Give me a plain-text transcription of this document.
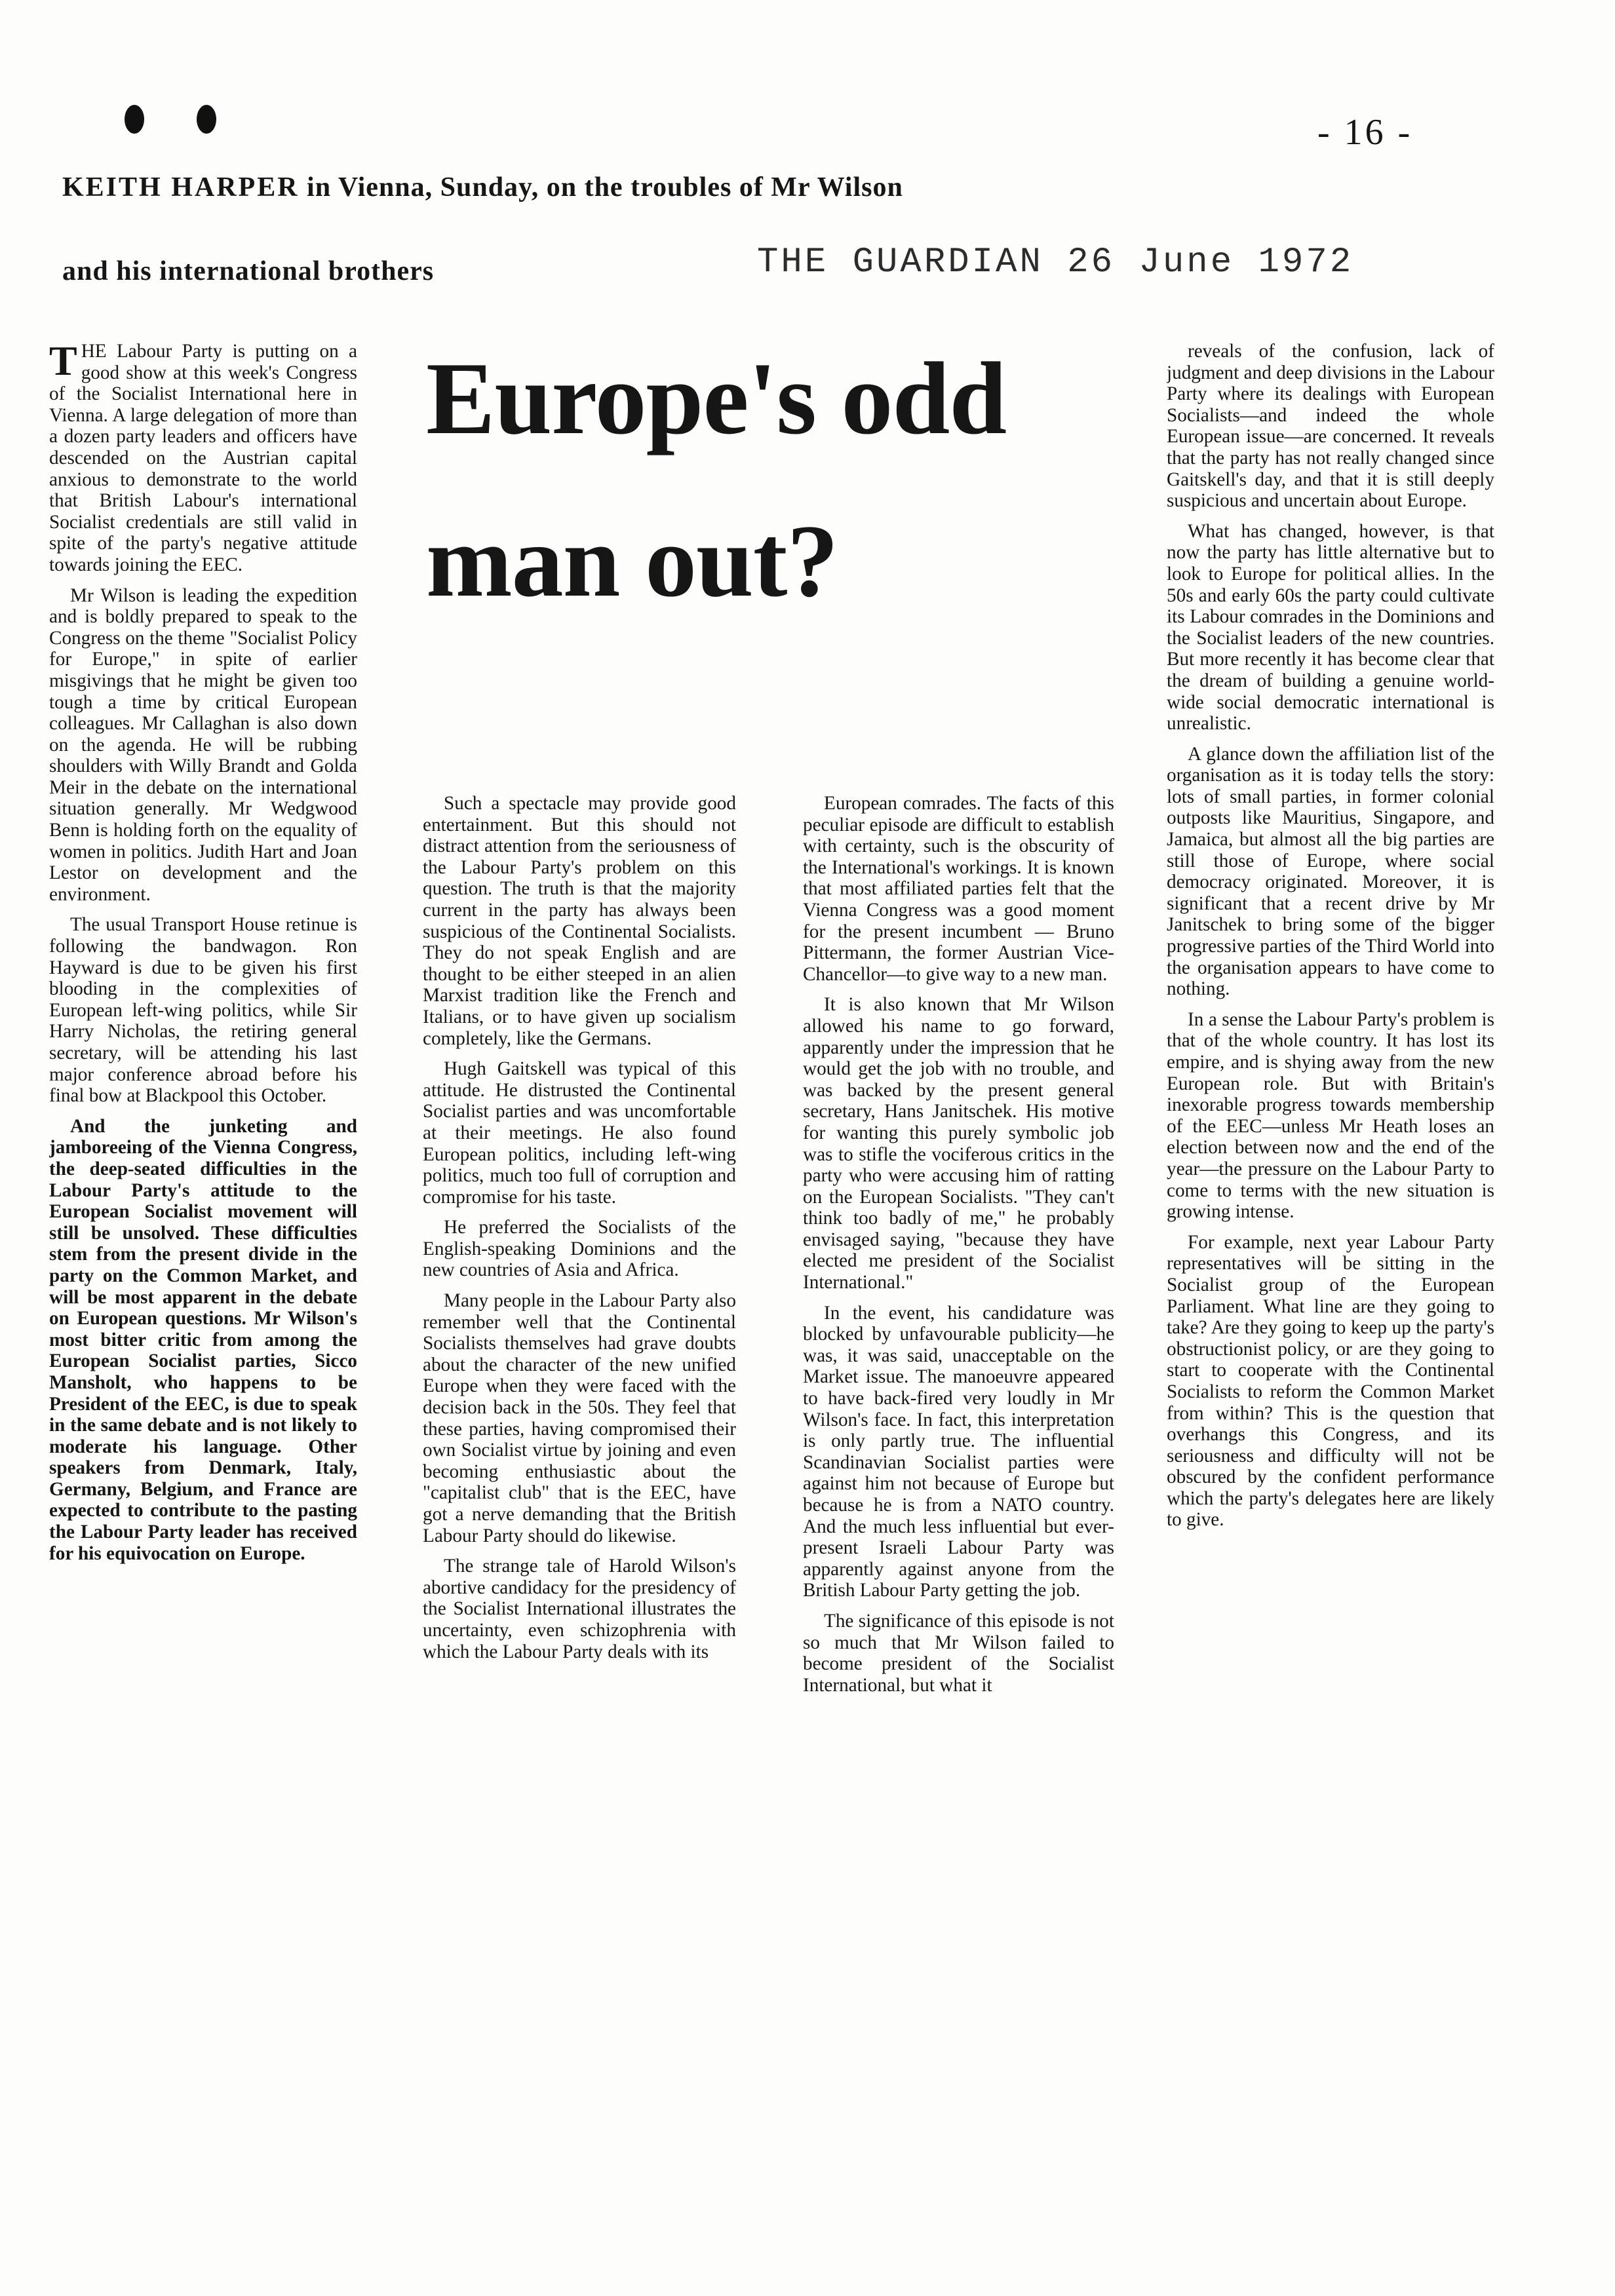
- 16 -
KEITH HARPER in Vienna, Sunday, on the troubles of Mr Wilson
and his international brothers	THE GUARDIAN 26 June 1972
Europe's odd
man out?

THE Labour Party is putting on a good show at this week's Congress of the Socialist International here in Vienna. A large delegation of more than a dozen party leaders and officers have descended on the Austrian capital anxious to demonstrate to the world that British Labour's international Socialist credentials are still valid in spite of the party's negative attitude towards joining the EEC.

Mr Wilson is leading the expedition and is boldly prepared to speak to the Congress on the theme "Socialist Policy for Europe," in spite of earlier misgivings that he might be given too tough a time by critical European colleagues. Mr Callaghan is also down on the agenda. He will be rubbing shoulders with Willy Brandt and Golda Meir in the debate on the international situation generally. Mr Wedgwood Benn is holding forth on the equality of women in politics. Judith Hart and Joan Lestor on development and the environment.

The usual Transport House retinue is following the bandwagon. Ron Hayward is due to be given his first blooding in the complexities of European left-wing politics, while Sir Harry Nicholas, the retiring general secretary, will be attending his last major conference abroad before his final bow at Blackpool this October.

And the junketing and jamboreeing of the Vienna Congress, the deep-seated difficulties in the Labour Party's attitude to the European Socialist movement will still be unsolved. These difficulties stem from the present divide in the party on the Common Market, and will be most apparent in the debate on European questions. Mr Wilson's most bitter critic from among the European Socialist parties, Sicco Mansholt, who happens to be President of the EEC, is due to speak in the same debate and is not likely to moderate his language. Other speakers from Denmark, Italy, Germany, Belgium, and France are expected to contribute to the pasting the Labour Party leader has received for his equivocation on Europe.

Such a spectacle may provide good entertainment. But this should not distract attention from the seriousness of the Labour Party's problem on this question. The truth is that the majority current in the party has always been suspicious of the Continental Socialists. They do not speak English and are thought to be either steeped in an alien Marxist tradition like the French and Italians, or to have given up socialism completely, like the Germans.

Hugh Gaitskell was typical of this attitude. He distrusted the Continental Socialist parties and was uncomfortable at their meetings. He also found European politics, including left-wing politics, much too full of corruption and compromise for his taste.

He preferred the Socialists of the English-speaking Dominions and the new countries of Asia and Africa.

Many people in the Labour Party also remember well that the Continental Socialists themselves had grave doubts about the character of the new unified Europe when they were faced with the decision back in the 50s. They feel that these parties, having compromised their own Socialist virtue by joining and even becoming enthusiastic about the "capitalist club" that is the EEC, have got a nerve demanding that the British Labour Party should do likewise.

The strange tale of Harold Wilson's abortive candidacy for the presidency of the Socialist International illustrates the uncertainty, even schizophrenia with which the Labour Party deals with its

European comrades. The facts of this peculiar episode are difficult to establish with certainty, such is the obscurity of the International's workings. It is known that most affiliated parties felt that the Vienna Congress was a good moment for the present incumbent — Bruno Pittermann, the former Austrian Vice-Chancellor—to give way to a new man.

It is also known that Mr Wilson allowed his name to go forward, apparently under the impression that he would get the job with no trouble, and was backed by the present general secretary, Hans Janitschek. His motive for wanting this purely symbolic job was to stifle the vociferous critics in the party who were accusing him of ratting on the European Socialists. "They can't think too badly of me," he probably envisaged saying, "because they have elected me president of the Socialist International."

In the event, his candidature was blocked by unfavourable publicity—he was, it was said, unacceptable on the Market issue. The manoeuvre appeared to have back-fired very loudly in Mr Wilson's face. In fact, this interpretation is only partly true. The influential Scandinavian Socialist parties were against him not because of Europe but because he is from a NATO country. And the much less influential but ever-present Israeli Labour Party was apparently against anyone from the British Labour Party getting the job.

The significance of this episode is not so much that Mr Wilson failed to become president of the Socialist International, but what it

reveals of the confusion, lack of judgment and deep divisions in the Labour Party where its dealings with European Socialists—and indeed the whole European issue—are concerned. It reveals that the party has not really changed since Gaitskell's day, and that it is still deeply suspicious and uncertain about Europe.

What has changed, however, is that now the party has little alternative but to look to Europe for political allies. In the 50s and early 60s the party could cultivate its Labour comrades in the Dominions and the Socialist leaders of the new countries. But more recently it has become clear that the dream of building a genuine world-wide social democratic international is unrealistic.

A glance down the affiliation list of the organisation as it is today tells the story: lots of small parties, in former colonial outposts like Mauritius, Singapore, and Jamaica, but almost all the big parties are still those of Europe, where social democracy originated. Moreover, it is significant that a recent drive by Mr Janitschek to bring some of the bigger progressive parties of the Third World into the organisation appears to have come to nothing.

In a sense the Labour Party's problem is that of the whole country. It has lost its empire, and is shying away from the new European role. But with Britain's inexorable progress towards membership of the EEC—unless Mr Heath loses an election between now and the end of the year—the pressure on the Labour Party to come to terms with the new situation is growing intense.

For example, next year Labour Party representatives will be sitting in the Socialist group of the European Parliament. What line are they going to take? Are they going to keep up the party's obstructionist policy, or are they going to start to cooperate with the Continental Socialists to reform the Common Market from within? This is the question that overhangs this Congress, and its seriousness and difficulty will not be obscured by the confident performance which the party's delegates here are likely to give.
